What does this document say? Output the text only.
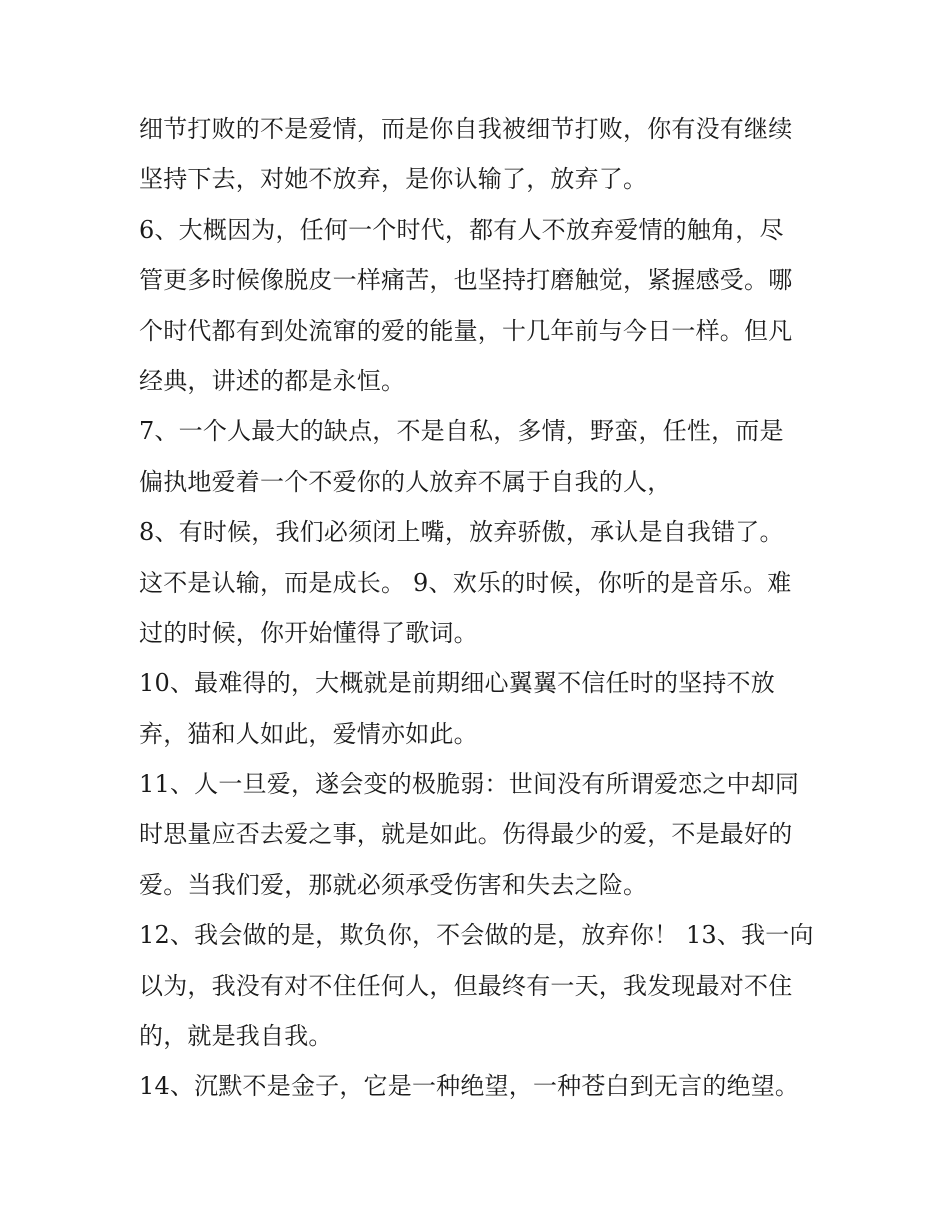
细节打败的不是爱情，而是你自我被细节打败，你有没有继续
坚持下去，对她不放弃，是你认输了，放弃了。
6、大概因为，任何一个时代，都有人不放弃爱情的触角，尽
管更多时候像脱皮一样痛苦，也坚持打磨触觉，紧握感受。哪
个时代都有到处流窜的爱的能量，十几年前与今日一样。但凡
经典，讲述的都是永恒。
7、一个人最大的缺点，不是自私，多情，野蛮，任性，而是
偏执地爱着一个不爱你的人放弃不属于自我的人，
8、有时候，我们必须闭上嘴，放弃骄傲，承认是自我错了。
这不是认输，而是成长。 9、欢乐的时候，你听的是音乐。难
过的时候，你开始懂得了歌词。
10、最难得的，大概就是前期细心翼翼不信任时的坚持不放
弃，猫和人如此，爱情亦如此。
11、人一旦爱，遂会变的极脆弱：世间没有所谓爱恋之中却同
时思量应否去爱之事，就是如此。伤得最少的爱，不是最好的
爱。当我们爱，那就必须承受伤害和失去之险。
12、我会做的是，欺负你，不会做的是，放弃你！ 13、我一向
以为，我没有对不住任何人，但最终有一天，我发现最对不住
的，就是我自我。
14、沉默不是金子，它是一种绝望，一种苍白到无言的绝望。
